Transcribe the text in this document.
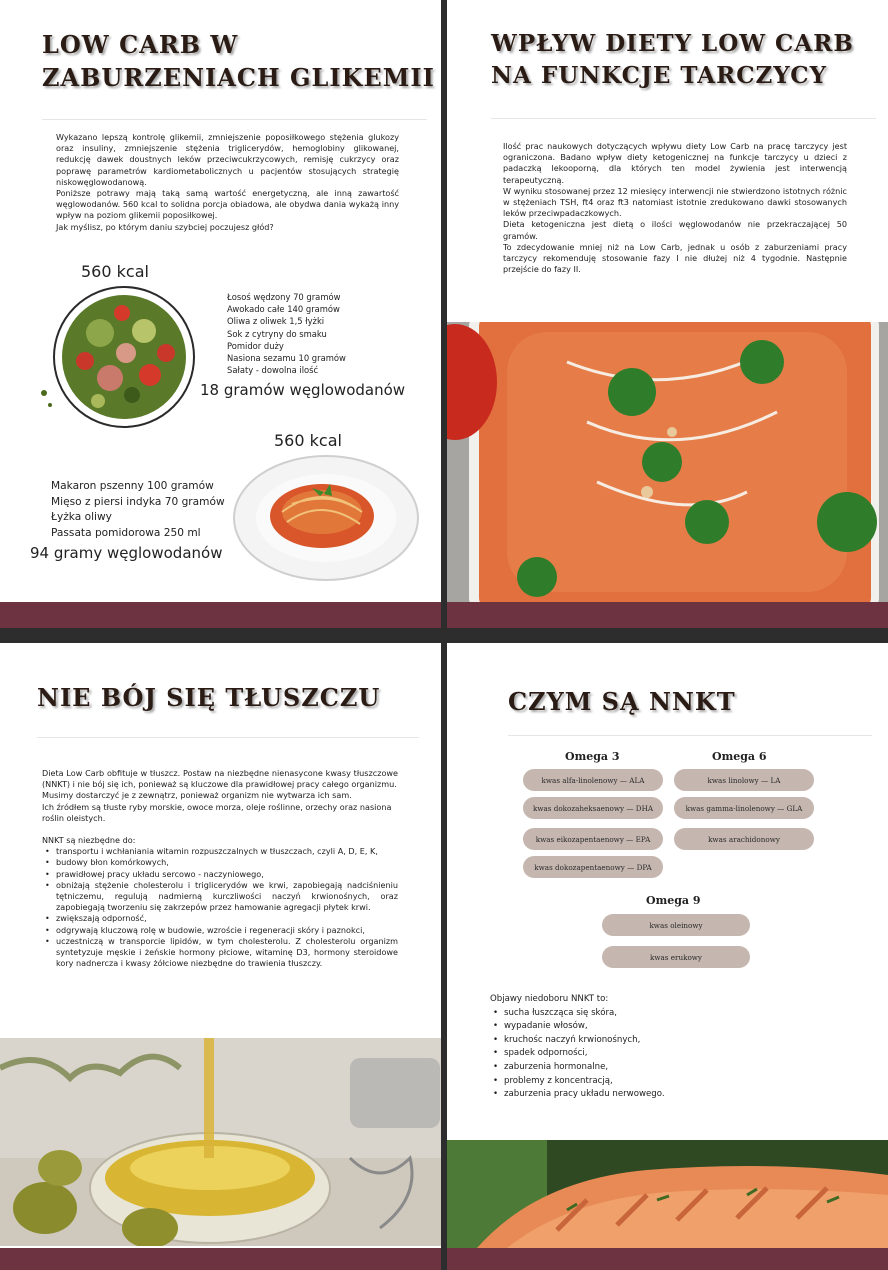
LOW CARB W
ZABURZENIACH GLIKEMII

Wykazano lepszą kontrolę glikemii, zmniejszenie poposiłkowego stężenia glukozy oraz insuliny, zmniejszenie stężenia triglicerydów, hemoglobiny glikowanej, redukcję dawek doustnych leków przeciwcukrzycowych, remisję cukrzycy oraz poprawę parametrów kardiometabolicznych u pacjentów stosujących strategię niskowęglowodanową.

Poniższe potrawy mają taką samą wartość energetyczną, ale inną zawartość węglowodanów. 560 kcal to solidna porcja obiadowa, ale obydwa dania wykażą inny wpływ na poziom glikemii poposiłkowej.

Jak myślisz, po którym daniu szybciej poczujesz głód?

560 kcal
Łosoś wędzony 70 gramów
Awokado całe 140 gramów
Oliwa z oliwek 1,5 łyżki
Sok z cytryny do smaku
Pomidor duży
Nasiona sezamu 10 gramów
Sałaty - dowolna ilość
18 gramów węglowodanów
560 kcal
Makaron pszenny 100 gramów
Mięso z piersi indyka 70 gramów
Łyżka oliwy
Passata pomidorowa 250 ml
94 gramy węglowodanów
WPŁYW DIETY LOW CARB
NA FUNKCJE TARCZYCY

Ilość prac naukowych dotyczących wpływu diety Low Carb na pracę tarczycy jest ograniczona. Badano wpływ diety ketogenicznej na funkcje tarczycy u dzieci z padaczką lekooporną, dla których ten model żywienia jest interwencją terapeutyczną.

W wyniku stosowanej przez 12 miesięcy interwencji nie stwierdzono istotnych różnic w stężeniach TSH, ft4 oraz ft3 natomiast istotnie zredukowano dawki stosowanych leków przeciwpadaczkowych.

Dieta ketogeniczna jest dietą o ilości węglowodanów nie przekraczającej 50 gramów.

To zdecydowanie mniej niż na Low Carb, jednak u osób z zaburzeniami pracy tarczycy rekomenduję stosowanie fazy I nie dłużej niż 4 tygodnie. Następnie przejście do fazy II.

NIE BÓJ SIĘ TŁUSZCZU

Dieta Low Carb obfituje w tłuszcz. Postaw na niezbędne nienasycone kwasy tłuszczowe (NNKT) i nie bój się ich, ponieważ są kluczowe dla prawidłowej pracy całego organizmu.

Musimy dostarczyć je z zewnątrz, ponieważ organizm nie wytwarza ich sam.

Ich źródłem są tłuste ryby morskie, owoce morza, oleje roślinne, orzechy oraz nasiona roślin oleistych.

NNKT są niezbędne do:

• transportu i wchłaniania witamin rozpuszczalnych w tłuszczach, czyli A, D, E, K,
• budowy błon komórkowych,
• prawidłowej pracy układu sercowo - naczyniowego,
• obniżają stężenie cholesterolu i triglicerydów we krwi, zapobiegają nadciśnieniu tętniczemu, regulują nadmierną kurczliwości naczyń krwionośnych, oraz zapobiegają tworzeniu się zakrzepów przez hamowanie agregacji płytek krwi.
• zwiększają odporność,
• odgrywają kluczową rolę w budowie, wzroście i regeneracji skóry i paznokci,
• uczestniczą w transporcie lipidów, w tym cholesterolu. Z cholesterolu organizm syntetyzuje męskie i żeńskie hormony płciowe, witaminę D3, hormony steroidowe kory nadnercza i kwasy żółciowe niezbędne do trawienia tłuszczy.
CZYM SĄ NNKT
Omega 3
kwas alfa-linolenowy — ALA
kwas dokozaheksaenowy — DHA
kwas eikozapentaenowy — EPA
kwas dokozapentaenowy — DPA
Omega 6
kwas linolowy — LA
kwas gamma-linolenowy — GLA
kwas arachidonowy
Omega 9
kwas oleinowy
kwas erukowy

Objawy niedoboru NNKT to:

• sucha łuszcząca się skóra,
• wypadanie włosów,
• kruchośc naczyń krwionośnych,
• spadek odporności,
• zaburzenia hormonalne,
• problemy z koncentracją,
• zaburzenia pracy układu nerwowego.
